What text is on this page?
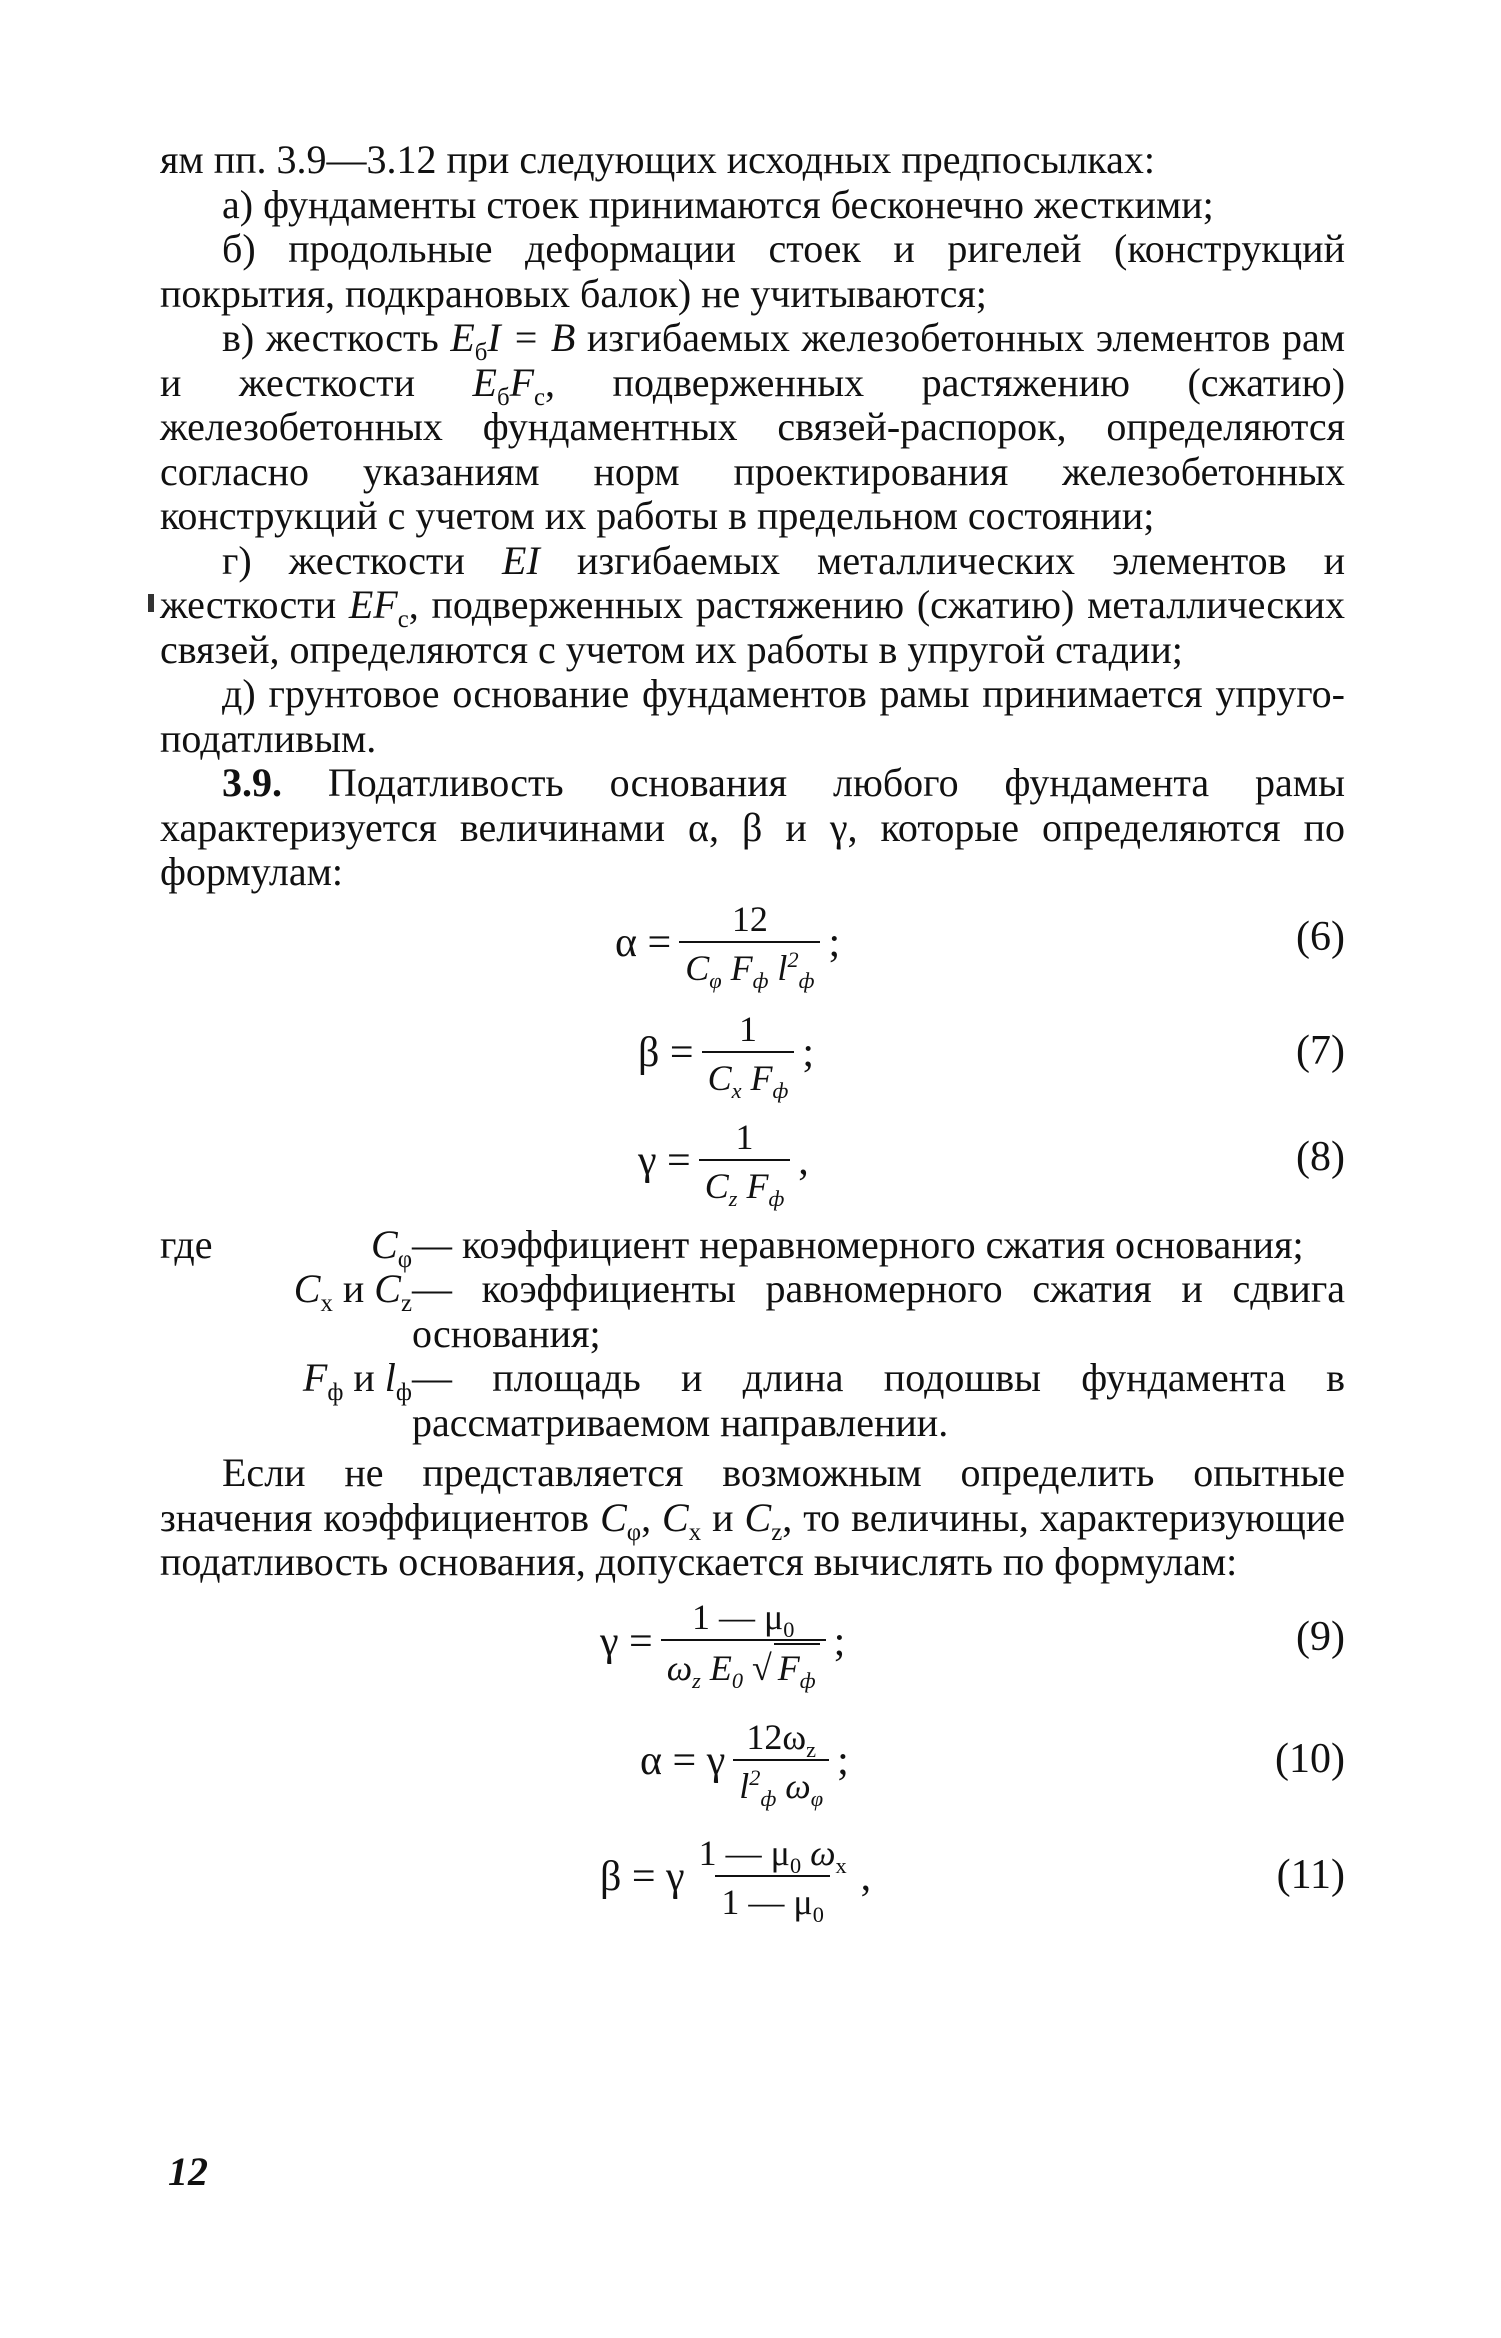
ям пп. 3.9—3.12 при следующих исходных предпосылках:

а) фундаменты стоек принимаются бесконечно жесткими;

б) продольные деформации стоек и ригелей (конструкций покрытия, подкрановых балок) не учитываются;

в) жесткость $E_бI = B$ изгибаемых железобетонных элементов рам и жесткости $E_бF_c$, подверженных растяжению (сжатию) железобетонных фундаментных связей-распорок, определяются согласно указаниям норм проектирования железобетонных конструкций с учетом их работы в предельном состоянии;

г) жесткости EI изгибаемых металлических элементов и жесткости $EF_c$, подверженных растяжению (сжатию) металлических связей, определяются с учетом их работы в упругой стадии;

д) грунтовое основание фундаментов рамы принимается упруго-податливым.

3.9. Податливость основания любого фундамента рамы характеризуется величинами α, β и γ, которые определяются по формулам:

$\alpha = \frac{12}{C_\varphi F_ф l^2_ф}$ ;	(6)
$\beta = \frac{1}{C_x F_ф}$ ;	(7)
$\gamma = \frac{1}{C_z F_ф}$ ,	(8)
где	$C_\varphi$ — коэффициент неравномерного сжатия основания;
$C_x$ и $C_z$ — коэффициенты равномерного сжатия и сдвига основания;
$F_ф$ и $l_ф$ — площадь и длина подошвы фундамента в рассматриваемом направлении.

Если не представляется возможным определить опытные значения коэффициентов $C_\varphi$, $C_x$ и $C_z$, то величины, характеризующие податливость основания, допускается вычислять по формулам:

$\gamma = \frac{1 — \mu_0}{\omega_z E_0 √ F_ф}$ ;	(9)
α = γ $\frac{12\omega_z}{l^2_ф \omega_\varphi}$ ;	(10)
β = γ $\frac{1 — \mu_0 \omega_x}{1 — \mu_0}$ ,	(11)
12
